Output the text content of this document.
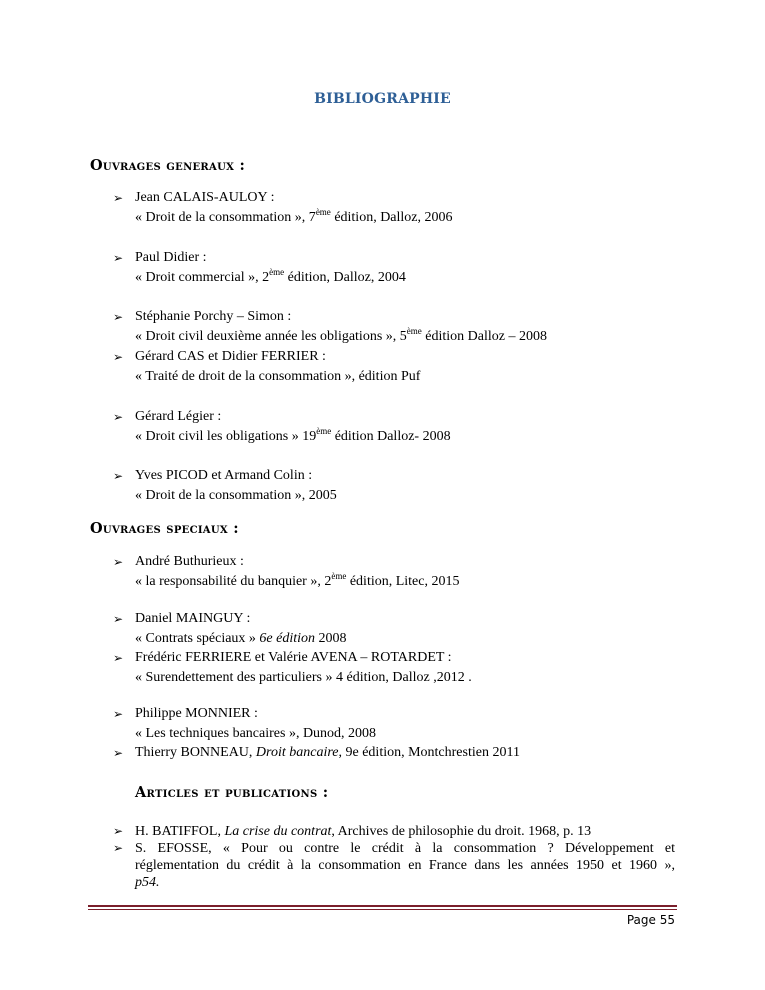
BIBLIOGRAPHIE
Ouvrages generaux :
➢ Jean CALAIS-AULOY :
« Droit de la consommation », 7ème édition, Dalloz, 2006
➢ Paul Didier :
« Droit commercial », 2ème édition, Dalloz, 2004
➢ Stéphanie Porchy – Simon :
« Droit civil deuxième année les obligations », 5ème édition Dalloz – 2008
➢ Gérard CAS et Didier FERRIER :
« Traité de droit de la consommation », édition Puf
➢ Gérard Légier :
« Droit civil les obligations » 19ème édition Dalloz- 2008
➢ Yves PICOD et Armand Colin :
« Droit de la consommation », 2005
Ouvrages speciaux :
➢ André Buthurieux :
« la responsabilité du banquier », 2ème édition, Litec, 2015
➢ Daniel MAINGUY :
« Contrats spéciaux » 6e édition 2008
➢ Frédéric FERRIERE et Valérie AVENA – ROTARDET :
« Surendettement des particuliers » 4 édition, Dalloz ,2012 .
➢ Philippe MONNIER :
« Les techniques bancaires », Dunod, 2008
➢ Thierry BONNEAU, Droit bancaire, 9e édition, Montchrestien 2011
Articles et publications :
➢ H. BATIFFOL, La crise du contrat, Archives de philosophie du droit. 1968, p. 13
➢ S. EFOSSE, « Pour ou contre le crédit à la consommation ? Développement et
réglementation du crédit à la consommation en France dans les années 1950 et 1960 »,
p54.
Page 55
